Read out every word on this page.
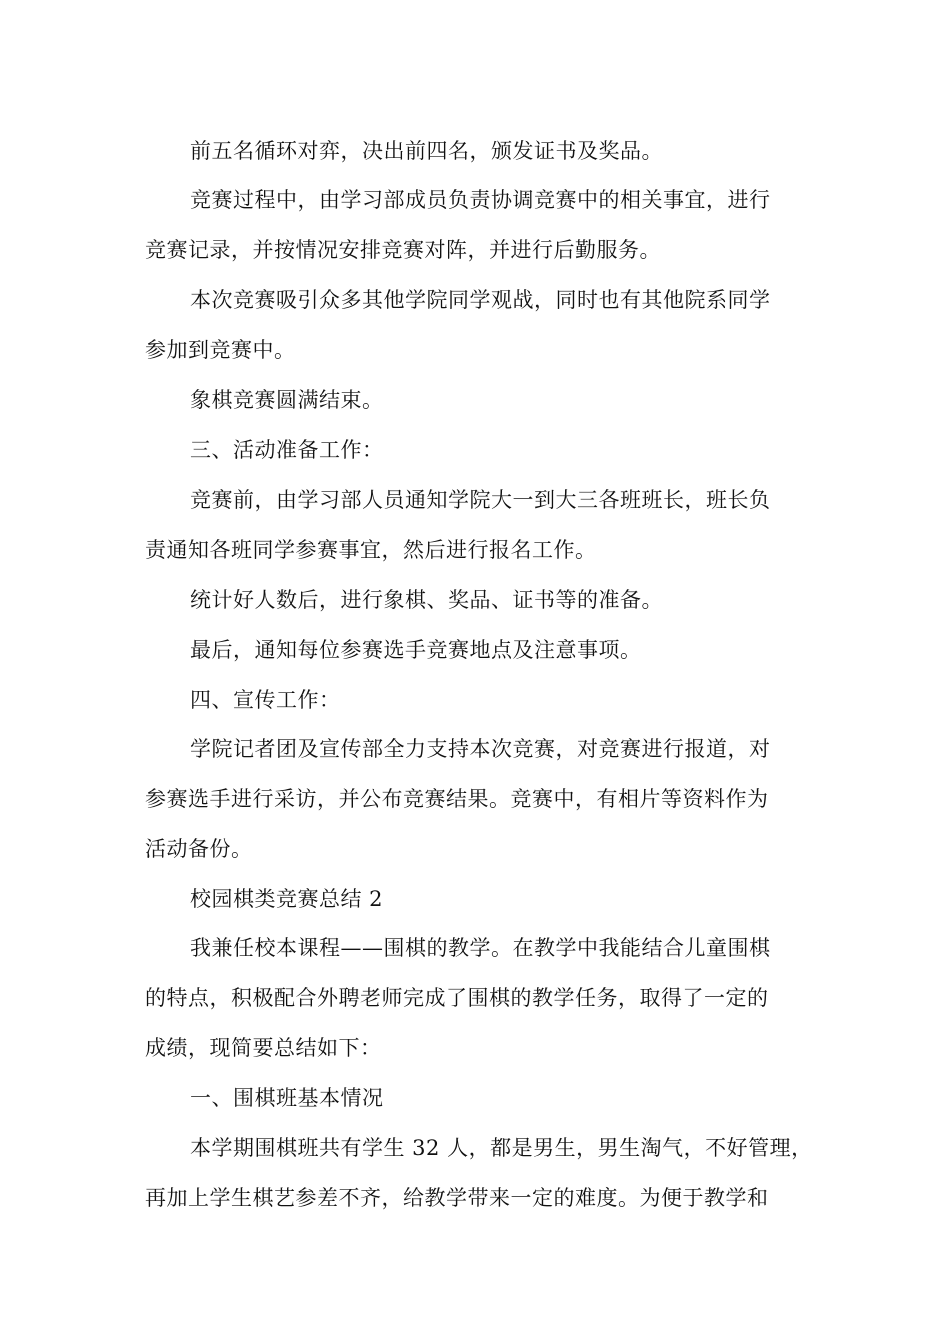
前五名循环对弈，决出前四名，颁发证书及奖品。
竞赛过程中，由学习部成员负责协调竞赛中的相关事宜，进行
竞赛记录，并按情况安排竞赛对阵，并进行后勤服务。
本次竞赛吸引众多其他学院同学观战，同时也有其他院系同学
参加到竞赛中。
象棋竞赛圆满结束。
三、活动准备工作：
竞赛前，由学习部人员通知学院大一到大三各班班长，班长负
责通知各班同学参赛事宜，然后进行报名工作。
统计好人数后，进行象棋、奖品、证书等的准备。
最后，通知每位参赛选手竞赛地点及注意事项。
四、宣传工作：
学院记者团及宣传部全力支持本次竞赛，对竞赛进行报道，对
参赛选手进行采访，并公布竞赛结果。竞赛中，有相片等资料作为
活动备份。
校园棋类竞赛总结 2
我兼任校本课程——围棋的教学。在教学中我能结合儿童围棋
的特点，积极配合外聘老师完成了围棋的教学任务，取得了一定的
成绩，现简要总结如下：
一、围棋班基本情况
本学期围棋班共有学生 32 人，都是男生，男生淘气，不好管理，
再加上学生棋艺参差不齐，给教学带来一定的难度。为便于教学和
